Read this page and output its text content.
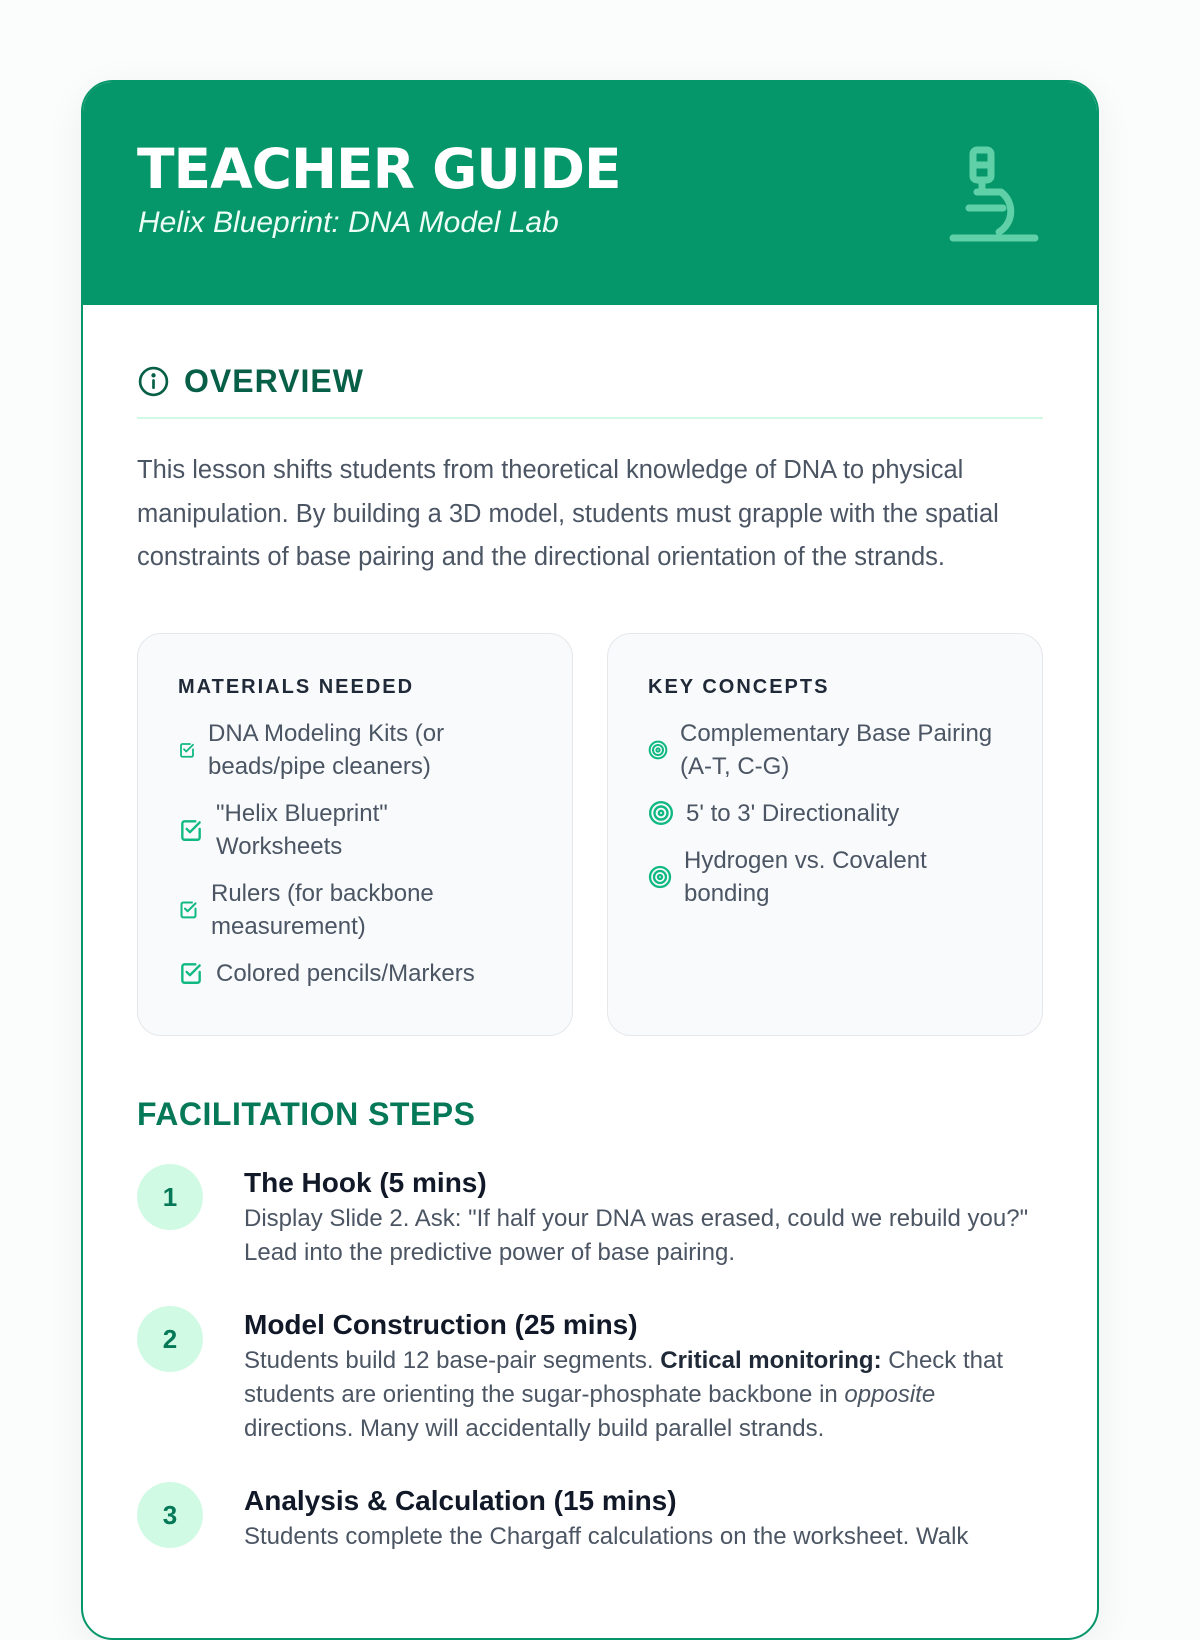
TEACHER GUIDE
Helix Blueprint: DNA Model Lab
OVERVIEW
This lesson shifts students from theoretical knowledge of DNA to physical manipulation. By building a 3D model, students must grapple with the spatial constraints of base pairing and the directional orientation of the strands.
MATERIALS NEEDED
DNA Modeling Kits (or beads/pipe cleaners)
"Helix Blueprint" Worksheets
Rulers (for backbone measurement)
Colored pencils/Markers
KEY CONCEPTS
Complementary Base Pairing (A-T, C-G)
5' to 3' Directionality
Hydrogen vs. Covalent bonding
FACILITATION STEPS
1	The Hook (5 mins)
Display Slide 2. Ask: "If half your DNA was erased, could we rebuild you?" Lead into the predictive power of base pairing.
2	Model Construction (25 mins)
Students build 12 base-pair segments. Critical monitoring: Check that students are orienting the sugar-phosphate backbone in opposite directions. Many will accidentally build parallel strands.
3	Analysis & Calculation (15 mins)
Students complete the Chargaff calculations on the worksheet. Walk
